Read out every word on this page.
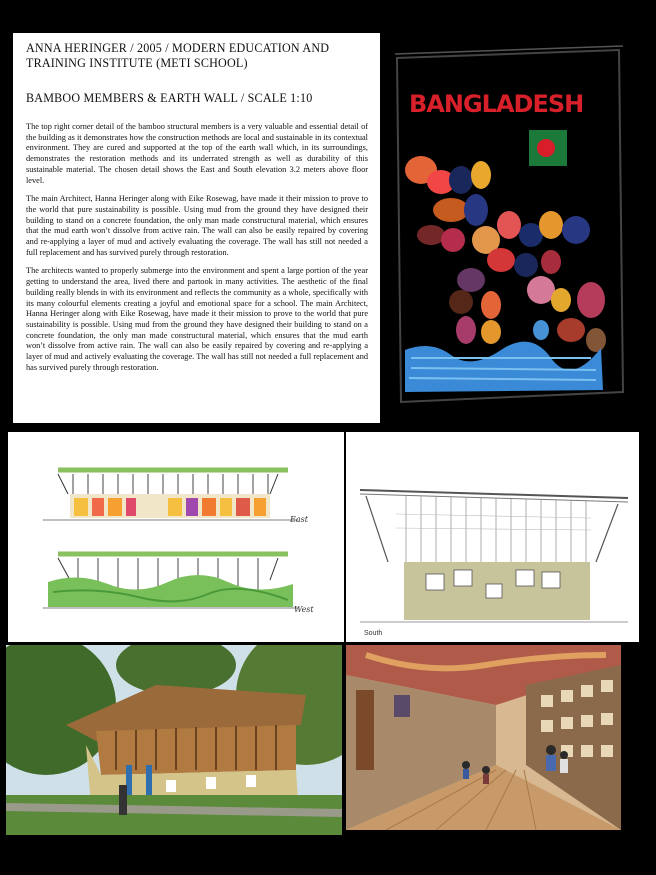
ANNA HERINGER / 2005 / MODERN EDUCATION AND

TRAINING INSTITUTE (METI SCHOOL)

BAMBOO MEMBERS & EARTH WALL / SCALE 1:10

The top right corner detail of the bamboo structural members is a very valuable and essential detail of the building as it demonstrates how the construction methods are local and sustainable in its contextual environment. They are cured and supported at the top of the earth wall which, in its surroundings, demonstrates the restoration methods and its underrated strength as well as durability of this sustainable material. The chosen detail shows the East and South elevation 3.2 meters above floor level.

The main Architect, Hanna Heringer along with Eike Rosewag, have made it their mission to prove to the world that pure sustainability is possible. Using mud from the ground they have designed their building to stand on a concrete foundation, the only man made constructural material, which ensures that the mud earth won’t dissolve from active rain. The wall can also be easily repaired by covering and re-applying a layer of mud and actively evaluating the coverage. The wall has still not needed a full replacement and has survived purely through restoration.

The architects wanted to properly submerge into the environment and spent a large portion of the year getting to understand the area, lived there and partook in many activities. The aesthetic of the final building really blends in with its environment and reflects the community as a whole, specifically with its many colourful elements creating a joyful and emotional space for a school. The main Architect, Hanna Heringer along with Eike Rosewag, have made it their mission to prove to the world that pure sustainability is possible. Using mud from the ground they have designed their building to stand on a concrete foundation, the only man made constructural material, which ensures that the mud earth won’t dissolve from active rain. The wall can also be easily repaired by covering and re-applying a layer of mud and actively evaluating the coverage. The wall has still not needed a full replacement and has survived purely through restoration.

BANGLADESH
East
West
South
